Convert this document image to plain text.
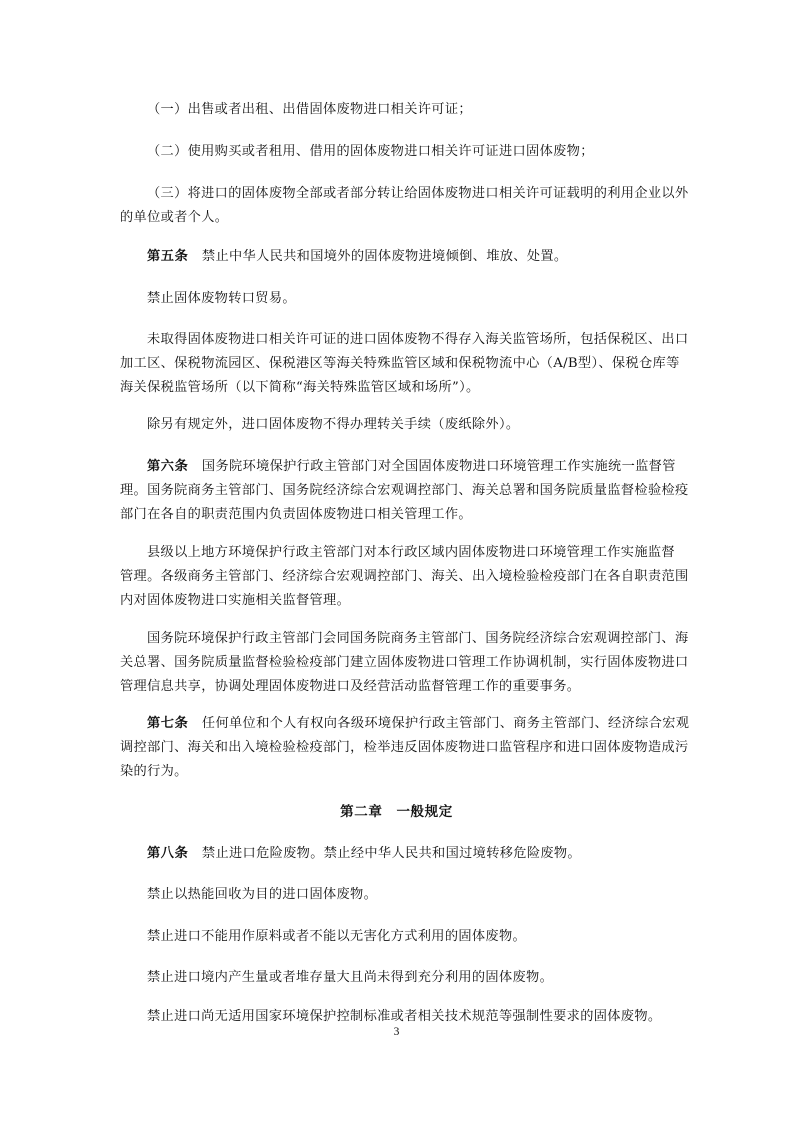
（一）出售或者出租、出借固体废物进口相关许可证；

（二）使用购买或者租用、借用的固体废物进口相关许可证进口固体废物；

（三）将进口的固体废物全部或者部分转让给固体废物进口相关许可证载明的利用企业以外
的单位或者个人。

第五条　 禁止中华人民共和国境外的固体废物进境倾倒、堆放、处置。

禁止固体废物转口贸易。

未取得固体废物进口相关许可证的进口固体废物不得存入海关监管场所，包括保税区、出口
加工区、保税物流园区、保税港区等海关特殊监管区域和保税物流中心（A/B型）、保税仓库等
海关保税监管场所（以下简称“海关特殊监管区域和场所”）。

除另有规定外，进口固体废物不得办理转关手续（废纸除外）。

第六条　 国务院环境保护行政主管部门对全国固体废物进口环境管理工作实施统一监督管
理。国务院商务主管部门、国务院经济综合宏观调控部门、海关总署和国务院质量监督检验检疫
部门在各自的职责范围内负责固体废物进口相关管理工作。

县级以上地方环境保护行政主管部门对本行政区域内固体废物进口环境管理工作实施监督
管理。各级商务主管部门、经济综合宏观调控部门、海关、出入境检验检疫部门在各自职责范围
内对固体废物进口实施相关监督管理。

国务院环境保护行政主管部门会同国务院商务主管部门、国务院经济综合宏观调控部门、海
关总署、国务院质量监督检验检疫部门建立固体废物进口管理工作协调机制，实行固体废物进口
管理信息共享，协调处理固体废物进口及经营活动监督管理工作的重要事务。

第七条　 任何单位和个人有权向各级环境保护行政主管部门、商务主管部门、经济综合宏观
调控部门、海关和出入境检验检疫部门，检举违反固体废物进口监管程序和进口固体废物造成污
染的行为。

第二章 一般规定

第八条　 禁止进口危险废物。禁止经中华人民共和国过境转移危险废物。

禁止以热能回收为目的进口固体废物。

禁止进口不能用作原料或者不能以无害化方式利用的固体废物。

禁止进口境内产生量或者堆存量大且尚未得到充分利用的固体废物。

禁止进口尚无适用国家环境保护控制标准或者相关技术规范等强制性要求的固体废物。

3
